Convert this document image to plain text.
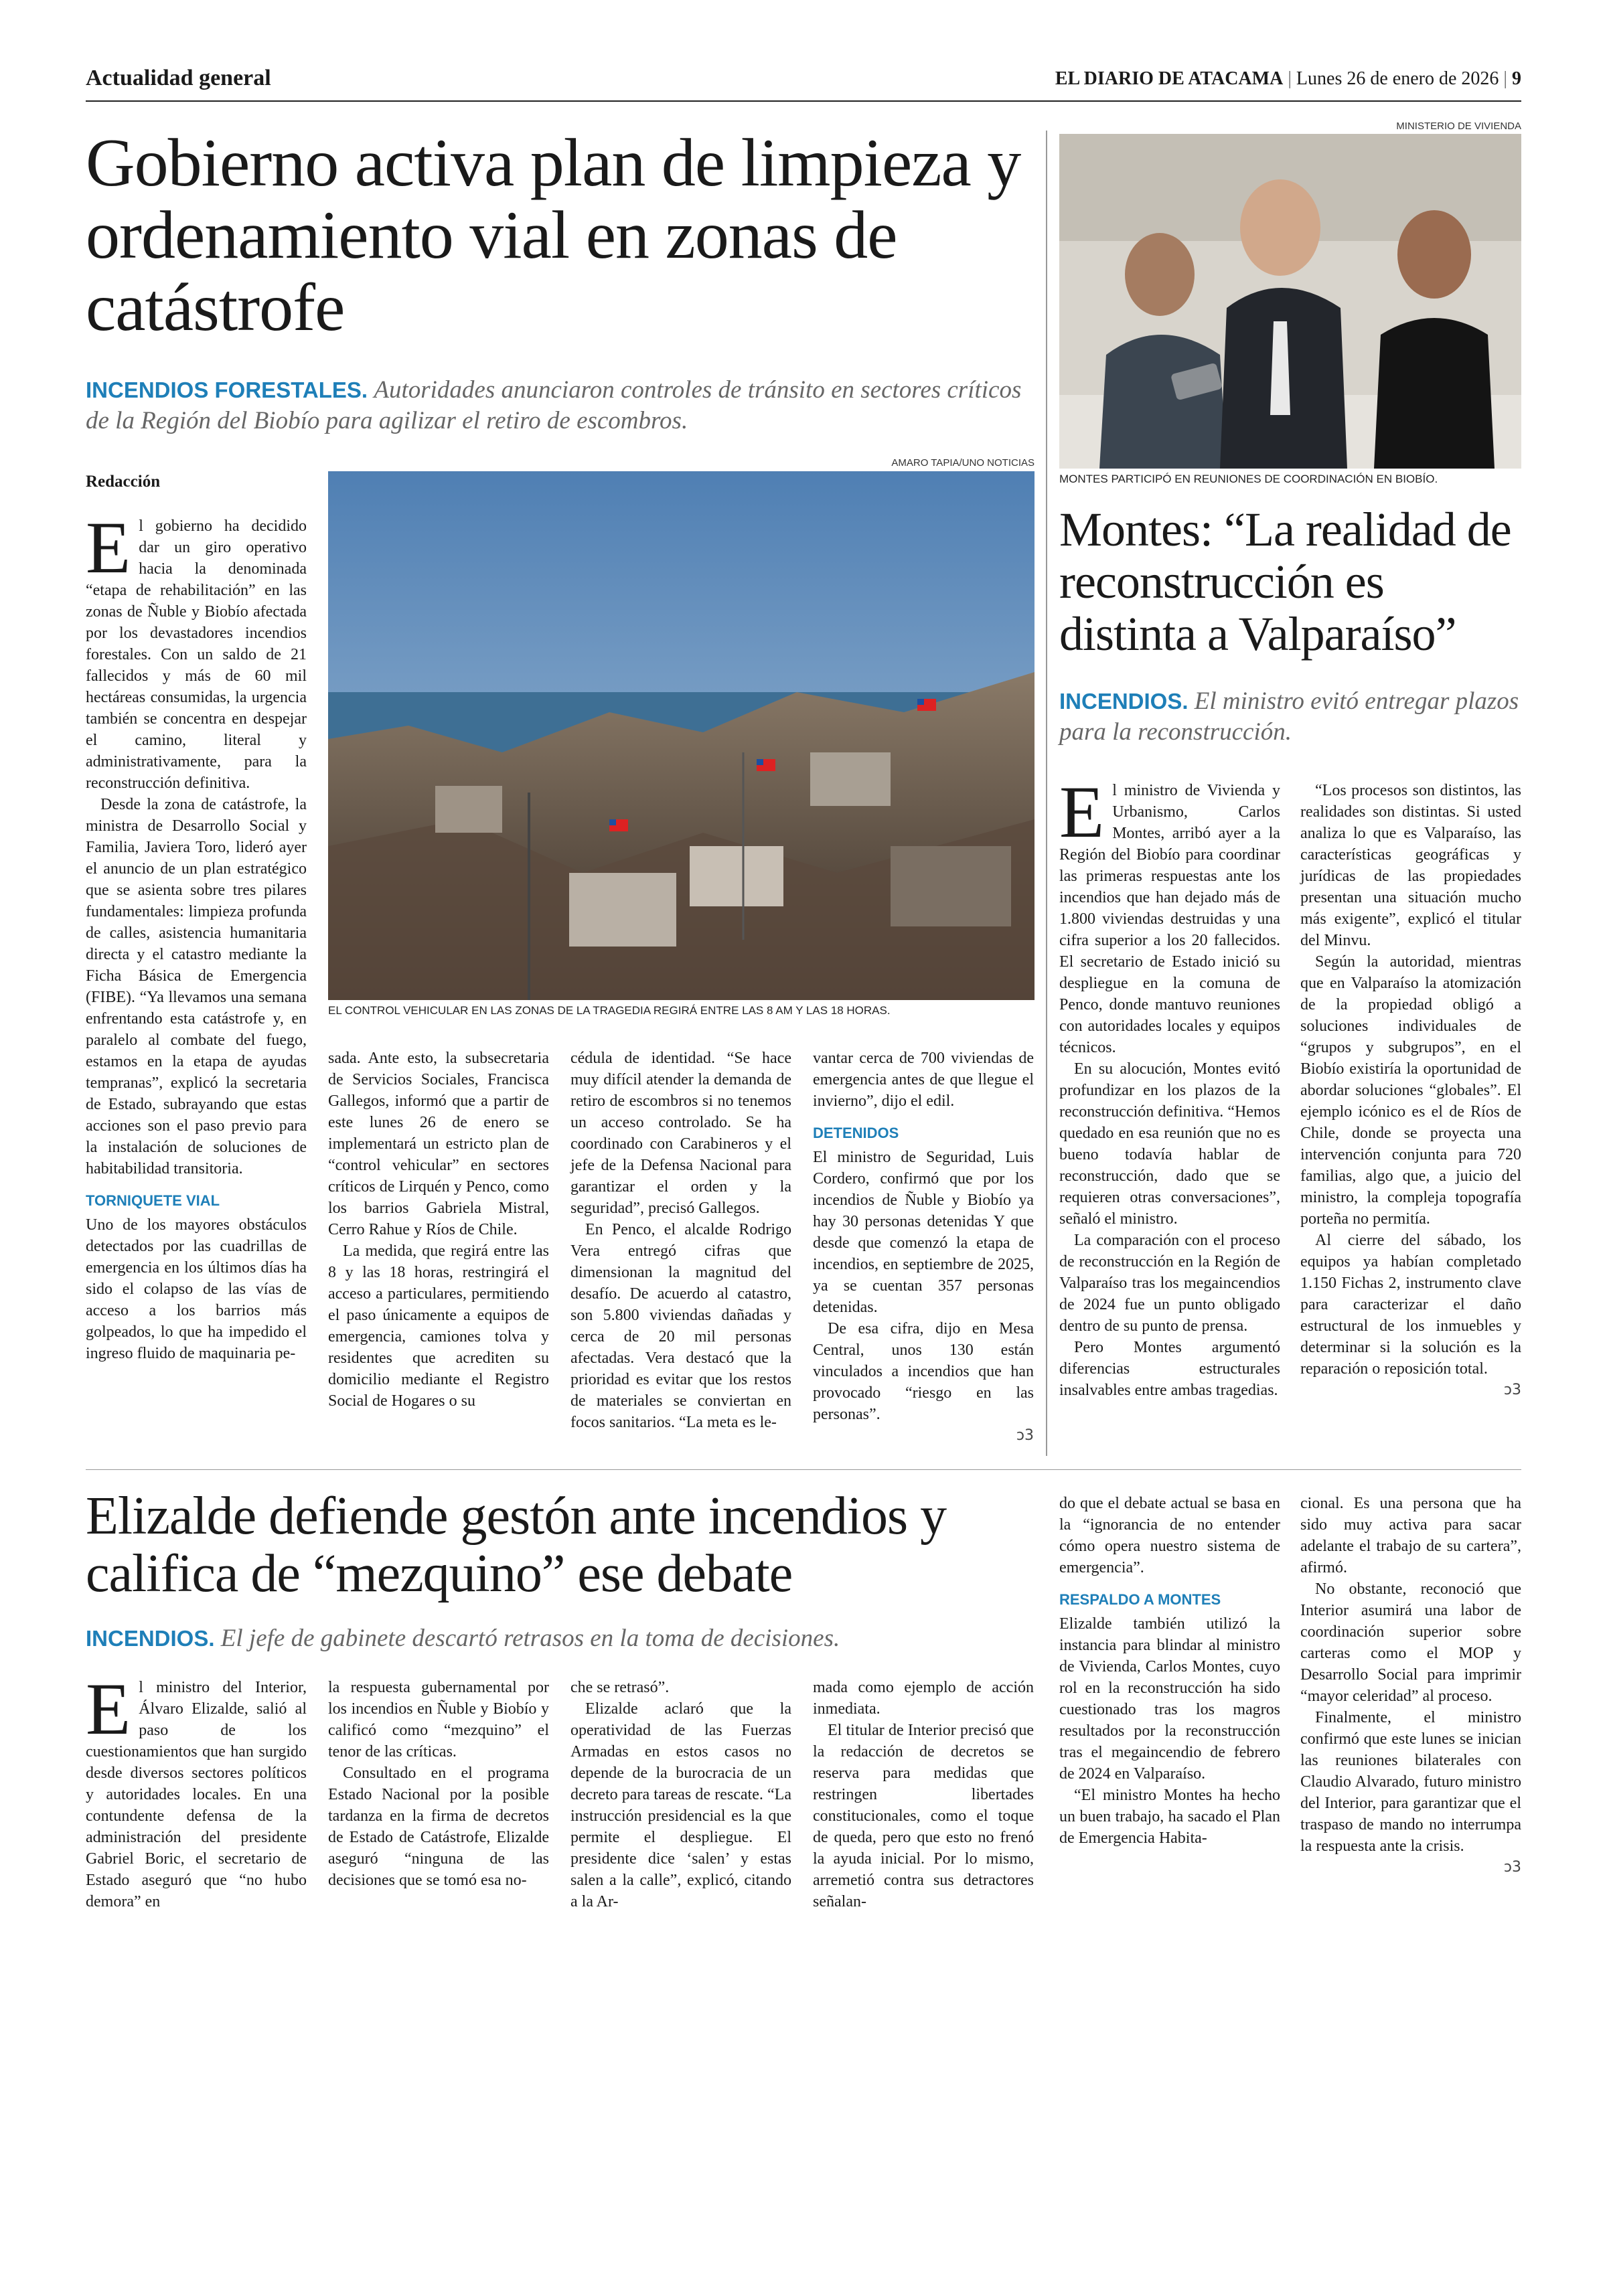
Actualidad general	EL DIARIO DE ATACAMA | Lunes 26 de enero de 2026 | 9
Gobierno activa plan de limpieza y ordenamiento vial en zonas de catástrofe
INCENDIOS FORESTALES. Autoridades anunciaron controles de tránsito en sectores críticos de la Región del Biobío para agilizar el retiro de escombros.
Redacción
AMARO TAPIA/UNO NOTICIAS
EL CONTROL VEHICULAR EN LAS ZONAS DE LA TRAGEDIA REGIRÁ ENTRE LAS 8 AM Y LAS 18 HORAS.

El gobierno ha decidido dar un giro operativo hacia la denominada “etapa de rehabilitación” en las zonas de Ñuble y Biobío afectada por los devastadores incendios forestales. Con un saldo de 21 fallecidos y más de 60 mil hectáreas consumidas, la urgencia también se concentra en despejar el camino, literal y administrativamente, para la reconstrucción definitiva.

Desde la zona de catástrofe, la ministra de Desarrollo Social y Familia, Javiera Toro, lideró ayer el anuncio de un plan estratégico que se asienta sobre tres pilares fundamentales: limpieza profunda de calles, asistencia humanitaria directa y el catastro mediante la Ficha Básica de Emergencia (FIBE). “Ya llevamos una semana enfrentando esta catástrofe y, en paralelo al combate del fuego, estamos en la etapa de ayudas tempranas”, explicó la secretaria de Estado, subrayando que estas acciones son el paso previo para la instalación de soluciones de habitabilidad transitoria.

TORNIQUETE VIAL

Uno de los mayores obstáculos detectados por las cuadrillas de emergencia en los últimos días ha sido el colapso de las vías de acceso a los barrios más golpeados, lo que ha impedido el ingreso fluido de maquinaria pe-

sada. Ante esto, la subsecretaria de Servicios Sociales, Francisca Gallegos, informó que a partir de este lunes 26 de enero se implementará un estricto plan de “control vehicular” en sectores críticos de Lirquén y Penco, como los barrios Gabriela Mistral, Cerro Rahue y Ríos de Chile.

La medida, que regirá entre las 8 y las 18 horas, restringirá el acceso a particulares, permitiendo el paso únicamente a equipos de emergencia, camiones tolva y residentes que acrediten su domicilio mediante el Registro Social de Hogares o su

cédula de identidad. “Se hace muy difícil atender la demanda de retiro de escombros si no tenemos un acceso controlado. Se ha coordinado con Carabineros y el jefe de la Defensa Nacional para garantizar el orden y la seguridad”, precisó Gallegos.

En Penco, el alcalde Rodrigo Vera entregó cifras que dimensionan la magnitud del desafío. De acuerdo al catastro, son 5.800 viviendas dañadas y cerca de 20 mil personas afectadas. Vera destacó que la prioridad es evitar que los restos de materiales se conviertan en focos sanitarios. “La meta es le-

vantar cerca de 700 viviendas de emergencia antes de que llegue el invierno”, dijo el edil.

DETENIDOS

El ministro de Seguridad, Luis Cordero, confirmó que por los incendios de Ñuble y Biobío ya hay 30 personas detenidas Y que desde que comenzó la etapa de incendios, en septiembre de 2025, ya se cuentan 357 personas detenidas.

De esa cifra, dijo en Mesa Central, unos 130 están vinculados a incendios que han provocado “riesgo en las personas”.

ↄ3
MINISTERIO DE VIVIENDA
MONTES PARTICIPÓ EN REUNIONES DE COORDINACIÓN EN BIOBÍO.
Montes: “La realidad de reconstrucción es distinta a Valparaíso”
INCENDIOS. El ministro evitó entregar plazos para la reconstrucción.

El ministro de Vivienda y Urbanismo, Carlos Montes, arribó ayer a la Región del Biobío para coordinar las primeras respuestas ante los incendios que han dejado más de 1.800 viviendas destruidas y una cifra superior a los 20 fallecidos. El secretario de Estado inició su despliegue en la comuna de Penco, donde mantuvo reuniones con autoridades locales y equipos técnicos.

En su alocución, Montes evitó profundizar en los plazos de la reconstrucción definitiva. “Hemos quedado en esa reunión que no es bueno todavía hablar de reconstrucción, dado que se requieren otras conversaciones”, señaló el ministro.

La comparación con el proceso de reconstrucción en la Región de Valparaíso tras los megaincendios de 2024 fue un punto obligado dentro de su punto de prensa.

Pero Montes argumentó diferencias estructurales insalvables entre ambas tragedias.

“Los procesos son distintos, las realidades son distintas. Si usted analiza lo que es Valparaíso, las características geográficas y jurídicas de las propiedades presentan una situación mucho más exigente”, explicó el titular del Minvu.

Según la autoridad, mientras que en Valparaíso la atomización de la propiedad obligó a soluciones individuales de “grupos y subgrupos”, en el Biobío existiría la oportunidad de abordar soluciones “globales”. El ejemplo icónico es el de Ríos de Chile, donde se proyecta una intervención conjunta para 720 familias, algo que, a juicio del ministro, la compleja topografía porteña no permitía.

Al cierre del sábado, los equipos ya habían completado 1.150 Fichas 2, instrumento clave para caracterizar el daño estructural de los inmuebles y determinar si la solución es la reparación o reposición total.

ↄ3
Elizalde defiende gestón ante incendios y califica de “mezquino” ese debate
INCENDIOS. El jefe de gabinete descartó retrasos en la toma de decisiones.

El ministro del Interior, Álvaro Elizalde, salió al paso de los cuestionamientos que han surgido desde diversos sectores políticos y autoridades locales. En una contundente defensa de la administración del presidente Gabriel Boric, el secretario de Estado aseguró que “no hubo demora” en

la respuesta gubernamental por los incendios en Ñuble y Biobío y calificó como “mezquino” el tenor de las críticas.

Consultado en el programa Estado Nacional por la posible tardanza en la firma de decretos de Estado de Catástrofe, Elizalde aseguró “ninguna de las decisiones que se tomó esa no-

che se retrasó”.

Elizalde aclaró que la operatividad de las Fuerzas Armadas en estos casos no depende de la burocracia de un decreto para tareas de rescate. “La instrucción presidencial es la que permite el despliegue. El presidente dice ‘salen’ y estas salen a la calle”, explicó, citando a la Ar-

mada como ejemplo de acción inmediata.

El titular de Interior precisó que la redacción de decretos se reserva para medidas que restringen libertades constitucionales, como el toque de queda, pero que esto no frenó la ayuda inicial. Por lo mismo, arremetió contra sus detractores señalan-

do que el debate actual se basa en la “ignorancia de no entender cómo opera nuestro sistema de emergencia”.

RESPALDO A MONTES

Elizalde también utilizó la instancia para blindar al ministro de Vivienda, Carlos Montes, cuyo rol en la reconstrucción ha sido cuestionado tras los magros resultados por la reconstrucción tras el megaincendio de febrero de 2024 en Valparaíso.

“El ministro Montes ha hecho un buen trabajo, ha sacado el Plan de Emergencia Habita-

cional. Es una persona que ha sido muy activa para sacar adelante el trabajo de su cartera”, afirmó.

No obstante, reconoció que Interior asumirá una labor de coordinación superior sobre carteras como el MOP y Desarrollo Social para imprimir “mayor celeridad” al proceso.

Finalmente, el ministro confirmó que este lunes se inician las reuniones bilaterales con Claudio Alvarado, futuro ministro del Interior, para garantizar que el traspaso de mando no interrumpa la respuesta ante la crisis.

ↄ3
